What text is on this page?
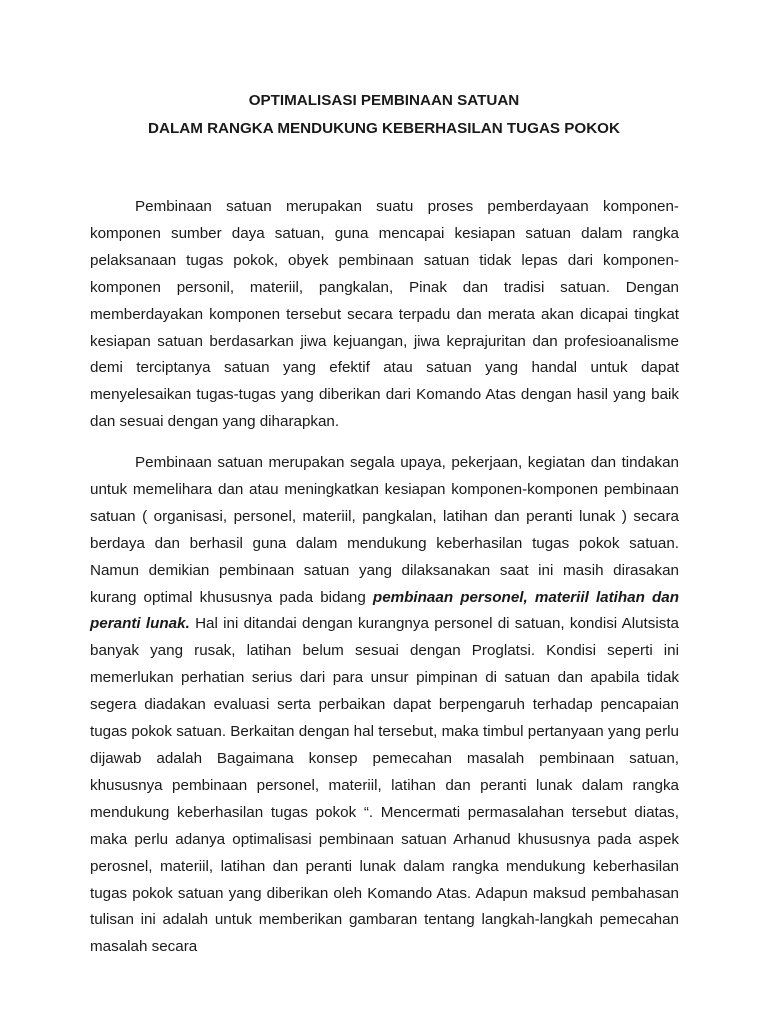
OPTIMALISASI PEMBINAAN SATUAN
DALAM RANGKA MENDUKUNG KEBERHASILAN TUGAS POKOK

Pembinaan satuan merupakan suatu proses pemberdayaan komponen-komponen sumber daya satuan, guna mencapai kesiapan satuan dalam rangka pelaksanaan tugas pokok, obyek pembinaan satuan tidak lepas dari komponen-komponen personil, materiil, pangkalan, Pinak dan tradisi satuan. Dengan memberdayakan komponen tersebut secara terpadu dan merata akan dicapai tingkat kesiapan satuan berdasarkan jiwa kejuangan, jiwa keprajuritan dan profesioanalisme demi terciptanya satuan yang efektif atau satuan yang handal untuk dapat menyelesaikan tugas-tugas yang diberikan dari Komando Atas dengan hasil yang baik dan sesuai dengan yang diharapkan.

Pembinaan satuan merupakan segala upaya, pekerjaan, kegiatan dan tindakan untuk memelihara dan atau meningkatkan kesiapan komponen-komponen pembinaan satuan ( organisasi, personel, materiil, pangkalan, latihan dan peranti lunak ) secara berdaya dan berhasil guna dalam mendukung keberhasilan tugas pokok satuan. Namun demikian pembinaan satuan yang dilaksanakan saat ini masih dirasakan kurang optimal khususnya pada bidang pembinaan personel, materiil latihan dan peranti lunak. Hal ini ditandai dengan kurangnya personel di satuan, kondisi Alutsista banyak yang rusak, latihan belum sesuai dengan Proglatsi. Kondisi seperti ini memerlukan perhatian serius dari para unsur pimpinan di satuan dan apabila tidak segera diadakan evaluasi serta perbaikan dapat berpengaruh terhadap pencapaian tugas pokok satuan. Berkaitan dengan hal tersebut, maka timbul pertanyaan yang perlu dijawab adalah Bagaimana konsep pemecahan masalah pembinaan satuan, khususnya pembinaan personel, materiil, latihan dan peranti lunak dalam rangka mendukung keberhasilan tugas pokok “. Mencermati permasalahan tersebut diatas, maka perlu adanya optimalisasi pembinaan satuan Arhanud khususnya pada aspek perosnel, materiil, latihan dan peranti lunak dalam rangka mendukung keberhasilan tugas pokok satuan yang diberikan oleh Komando Atas. Adapun maksud pembahasan tulisan ini adalah untuk memberikan gambaran tentang langkah-langkah pemecahan masalah secara
